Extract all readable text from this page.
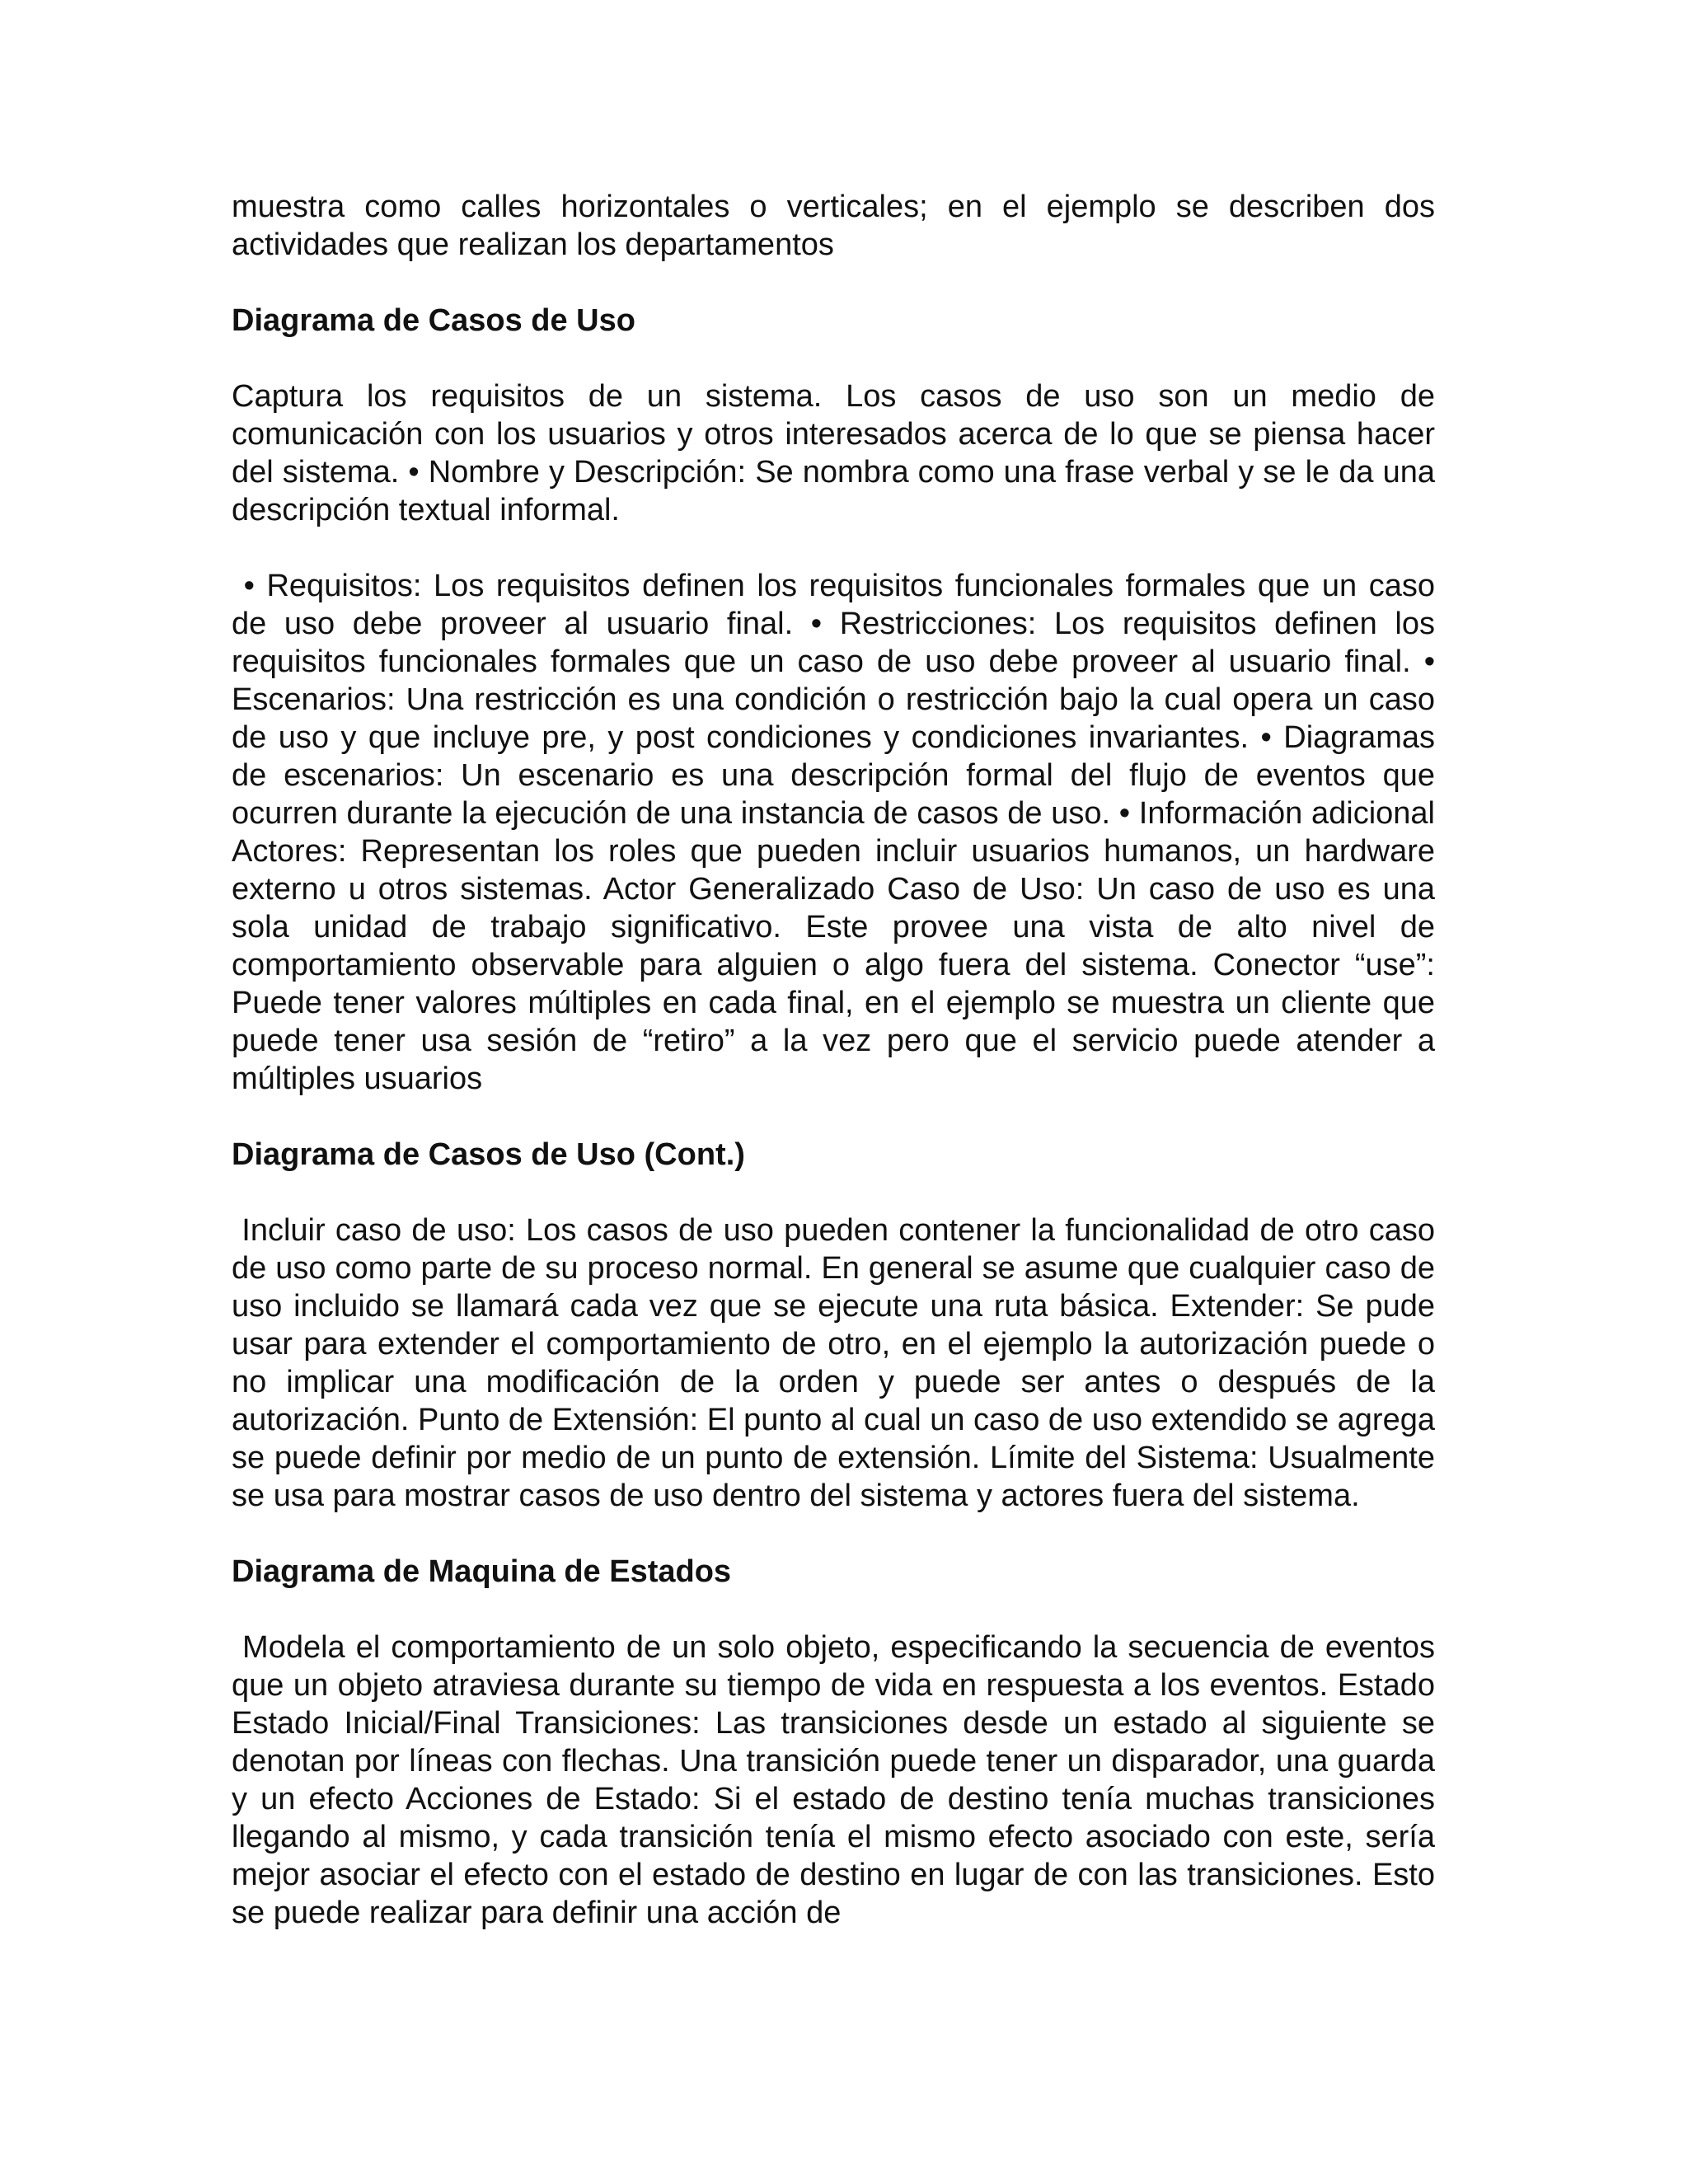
muestra como calles horizontales o verticales; en el ejemplo se describen dos actividades que realizan los departamentos

Diagrama de Casos de Uso

Captura los requisitos de un sistema. Los casos de uso son un medio de comunicación con los usuarios y otros interesados acerca de lo que se piensa hacer del sistema. • Nombre y Descripción: Se nombra como una frase verbal y se le da una descripción textual informal.

• Requisitos: Los requisitos definen los requisitos funcionales formales que un caso de uso debe proveer al usuario final. • Restricciones: Los requisitos definen los requisitos funcionales formales que un caso de uso debe proveer al usuario final. • Escenarios: Una restricción es una condición o restricción bajo la cual opera un caso de uso y que incluye pre, y post condiciones y condiciones invariantes. • Diagramas de escenarios: Un escenario es una descripción formal del flujo de eventos que ocurren durante la ejecución de una instancia de casos de uso. • Información adicional Actores: Representan los roles que pueden incluir usuarios humanos, un hardware externo u otros sistemas. Actor Generalizado Caso de Uso: Un caso de uso es una sola unidad de trabajo significativo. Este provee una vista de alto nivel de comportamiento observable para alguien o algo fuera del sistema. Conector “use”: Puede tener valores múltiples en cada final, en el ejemplo se muestra un cliente que puede tener usa sesión de “retiro” a la vez pero que el servicio puede atender a múltiples usuarios

Diagrama de Casos de Uso (Cont.)

Incluir caso de uso: Los casos de uso pueden contener la funcionalidad de otro caso de uso como parte de su proceso normal. En general se asume que cualquier caso de uso incluido se llamará cada vez que se ejecute una ruta básica. Extender: Se pude usar para extender el comportamiento de otro, en el ejemplo la autorización puede o no implicar una modificación de la orden y puede ser antes o después de la autorización. Punto de Extensión: El punto al cual un caso de uso extendido se agrega se puede definir por medio de un punto de extensión. Límite del Sistema: Usualmente se usa para mostrar casos de uso dentro del sistema y actores fuera del sistema.

Diagrama de Maquina de Estados

Modela el comportamiento de un solo objeto, especificando la secuencia de eventos que un objeto atraviesa durante su tiempo de vida en respuesta a los eventos. Estado Estado Inicial/Final Transiciones: Las transiciones desde un estado al siguiente se denotan por líneas con flechas. Una transición puede tener un disparador, una guarda y un efecto Acciones de Estado: Si el estado de destino tenía muchas transiciones llegando al mismo, y cada transición tenía el mismo efecto asociado con este, sería mejor asociar el efecto con el estado de destino en lugar de con las transiciones. Esto se puede realizar para definir una acción de
